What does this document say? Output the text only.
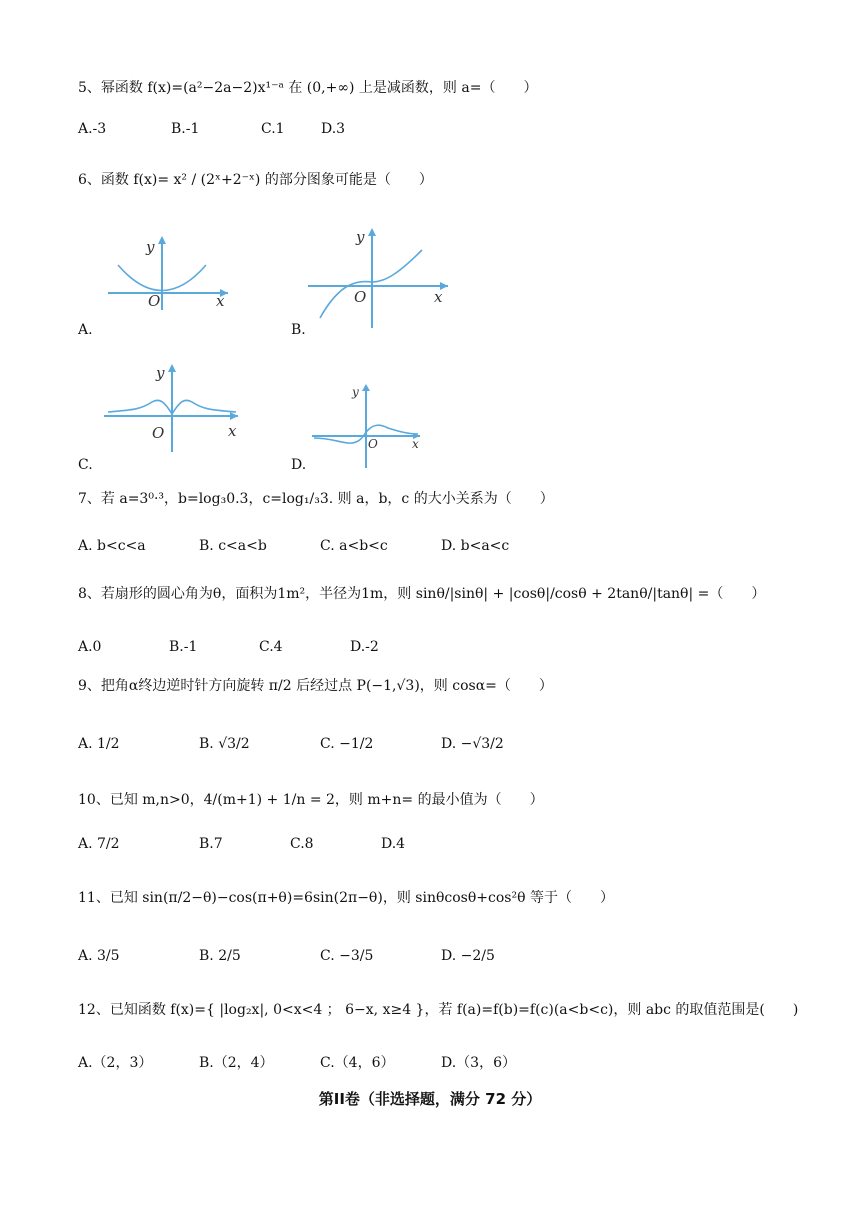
5、幂函数 f(x)=(a²−2a−2)x¹⁻ᵃ 在 (0,+∞) 上是减函数，则 a=（　　）
A.-3	B.-1	C.1	D.3
6、函数 f(x)= x² / (2ˣ+2⁻ˣ) 的部分图象可能是（　　）
y
x
O
A.
y
x
O
B.
y
x
O
C.
y
x
O
D.
7、若 a=3⁰·³，b=log₃0.3，c=log₁/₃3. 则 a，b，c 的大小关系为（　　）
A. b<c<a	B. c<a<b	C. a<b<c	D. b<a<c
8、若扇形的圆心角为θ，面积为1m²，半径为1m，则 sinθ/|sinθ| + |cosθ|/cosθ + 2tanθ/|tanθ| =（　　）
A.0	B.-1	C.4	D.-2
9、把角α终边逆时针方向旋转 π/2 后经过点 P(−1,√3)，则 cosα=（　　）
A. 1/2	B. √3/2	C. −1/2	D. −√3/2
10、已知 m,n>0，4/(m+1) + 1/n = 2，则 m+n= 的最小值为（　　）
A. 7/2	B.7	C.8	D.4
11、已知 sin(π/2−θ)−cos(π+θ)=6sin(2π−θ)，则 sinθcosθ+cos²θ 等于（　　）
A. 3/5	B. 2/5	C. −3/5	D. −2/5
12、已知函数 f(x)={ |log₂x|, 0<x<4 ； 6−x, x≥4 }，若 f(a)=f(b)=f(c)(a<b<c)，则 abc 的取值范围是(　　)
A.（2，3）	B.（2，4）	C.（4，6）	D.（3，6）
第II卷（非选择题，满分 72 分）
